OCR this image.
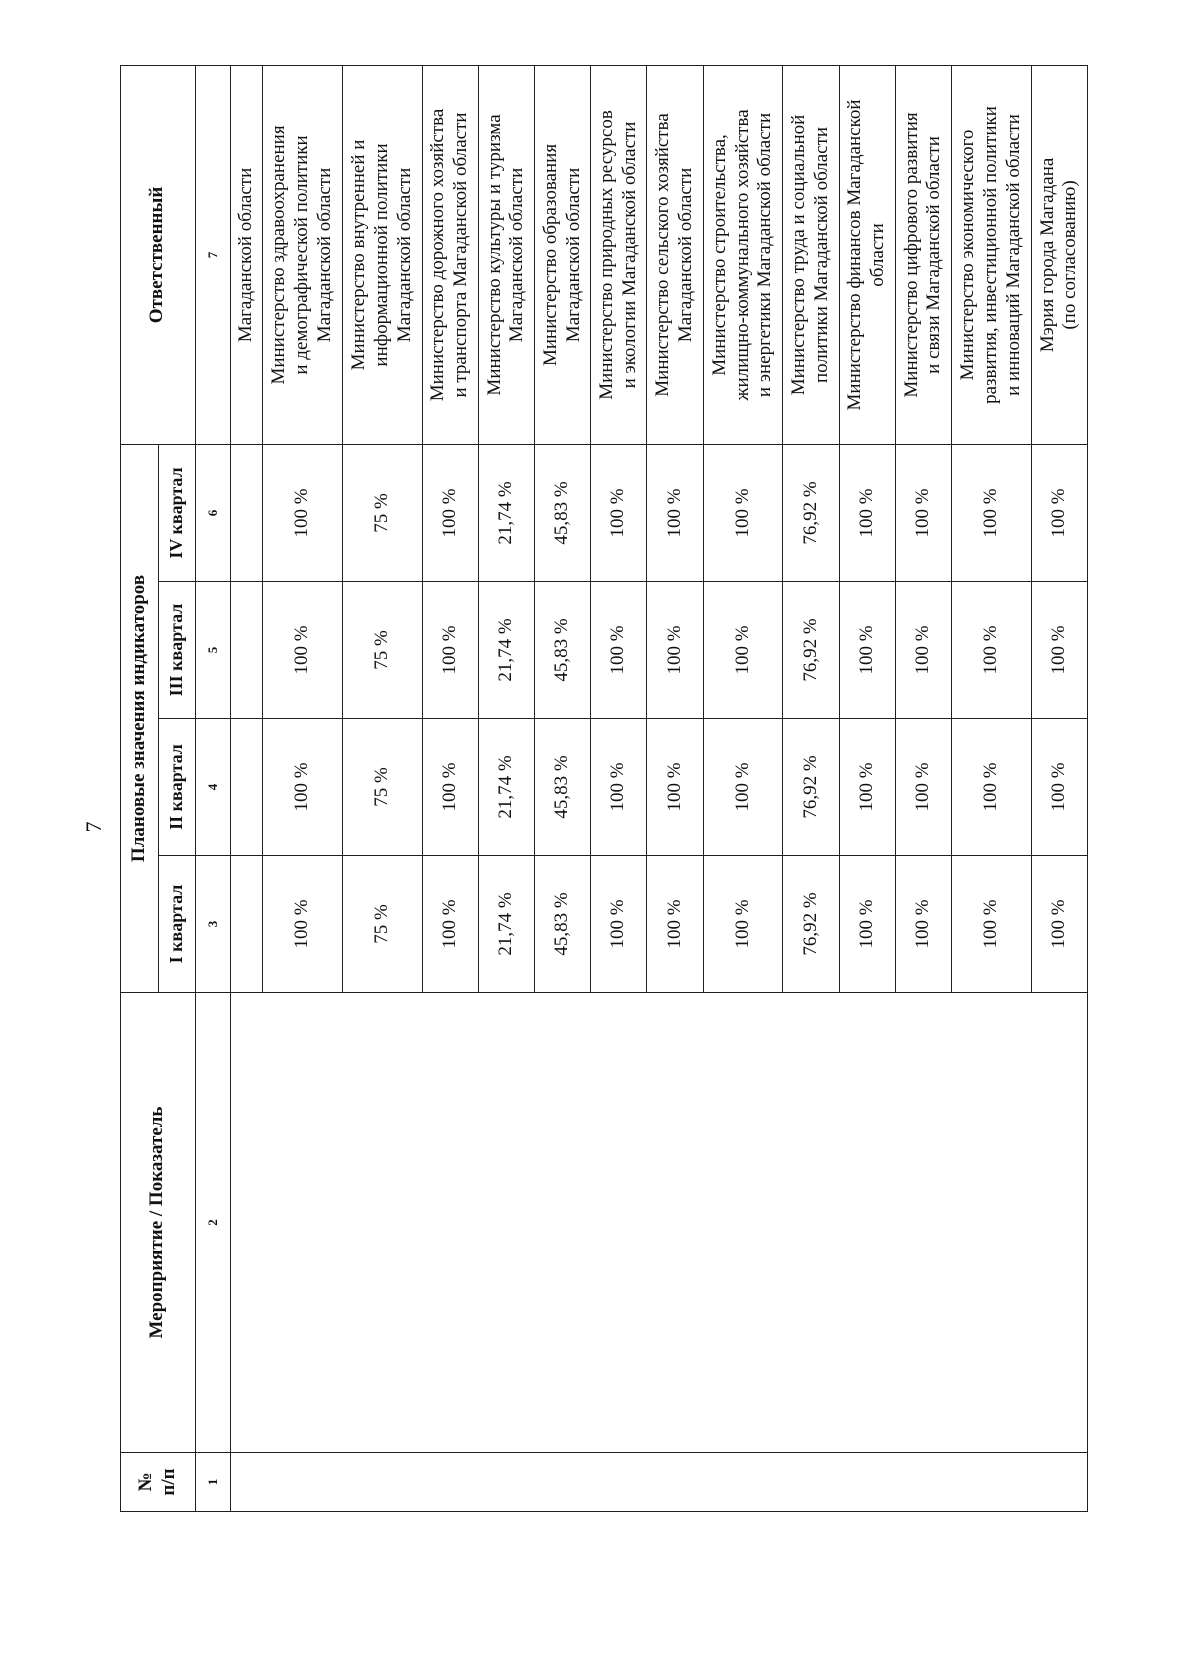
7
№
п/п	Мероприятие / Показатель	Плановые значения индикаторов				Ответственный
		I квартал	II квартал	III квартал	IV квартал	
1	2	3	4	5	6	7
						Магаданской области
		100 %	100 %	100 %	100 %	Министерство здравоохранения
и демографической политики
Магаданской области
		75 %	75 %	75 %	75 %	Министерство внутренней и
информационной политики
Магаданской области
		100 %	100 %	100 %	100 %	Министерство дорожного хозяйства
и транспорта Магаданской области
		21,74 %	21,74 %	21,74 %	21,74 %	Министерство культуры и туризма
Магаданской области
		45,83 %	45,83 %	45,83 %	45,83 %	Министерство образования
Магаданской области
		100 %	100 %	100 %	100 %	Министерство природных ресурсов
и экологии Магаданской области
		100 %	100 %	100 %	100 %	Министерство сельского хозяйства
Магаданской области
		100 %	100 %	100 %	100 %	Министерство строительства,
жилищно-коммунального хозяйства
и энергетики Магаданской области
		76,92 %	76,92 %	76,92 %	76,92 %	Министерство труда и социальной
политики Магаданской области
		100 %	100 %	100 %	100 %	Министерство финансов Магаданской
области
		100 %	100 %	100 %	100 %	Министерство цифрового развития
и связи Магаданской области
		100 %	100 %	100 %	100 %	Министерство экономического
развития, инвестиционной политики
и инноваций Магаданской области
		100 %	100 %	100 %	100 %	Мэрия города Магадана
(по согласованию)
